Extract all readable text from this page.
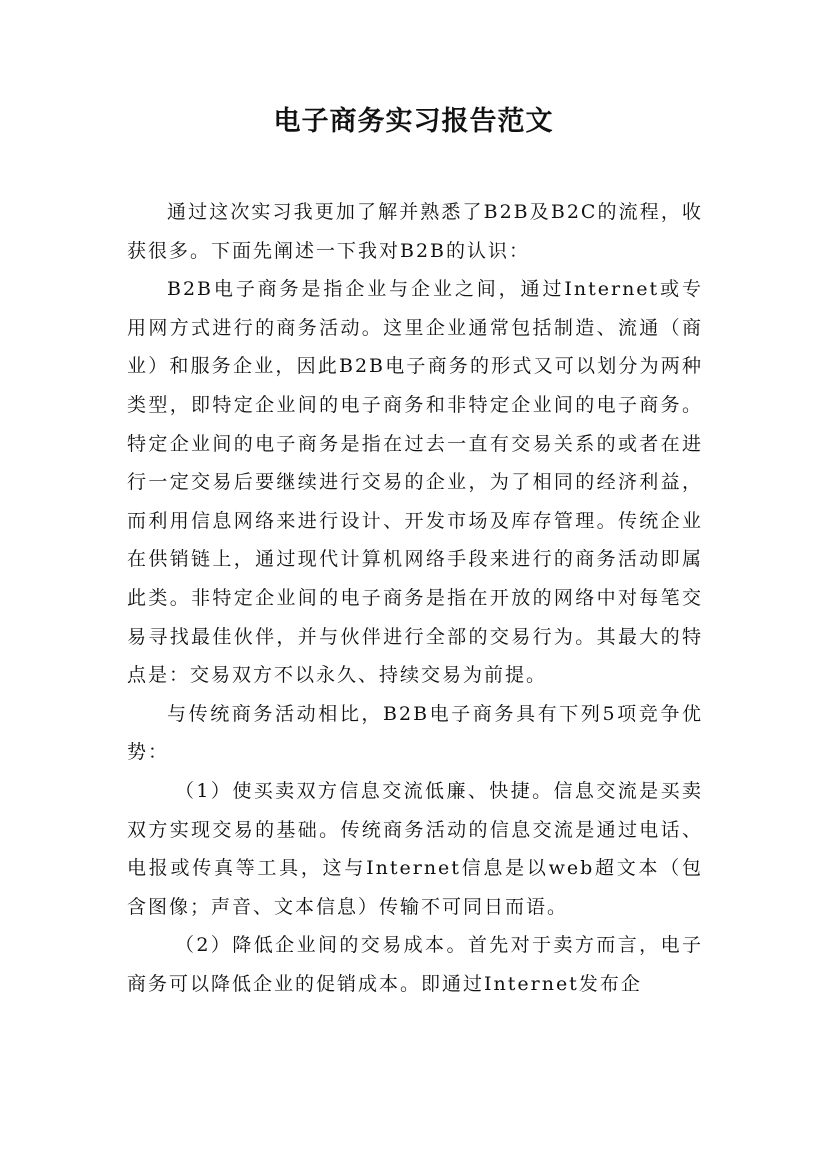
电子商务实习报告范文

通过这次实习我更加了解并熟悉了B2B及B2C的流程，收获很多。下面先阐述一下我对B2B的认识：

B2B电子商务是指企业与企业之间，通过Internet或专用网方式进行的商务活动。这里企业通常包括制造、流通（商业）和服务企业，因此B2B电子商务的形式又可以划分为两种类型，即特定企业间的电子商务和非特定企业间的电子商务。特定企业间的电子商务是指在过去一直有交易关系的或者在进行一定交易后要继续进行交易的企业，为了相同的经济利益，而利用信息网络来进行设计、开发市场及库存管理。传统企业在供销链上，通过现代计算机网络手段来进行的商务活动即属此类。非特定企业间的电子商务是指在开放的网络中对每笔交易寻找最佳伙伴，并与伙伴进行全部的交易行为。其最大的特点是：交易双方不以永久、持续交易为前提。

与传统商务活动相比，B2B电子商务具有下列5项竞争优势：

（1）使买卖双方信息交流低廉、快捷。信息交流是买卖双方实现交易的基础。传统商务活动的信息交流是通过电话、电报或传真等工具，这与Internet信息是以web超文本（包含图像；声音、文本信息）传输不可同日而语。

（2）降低企业间的交易成本。首先对于卖方而言，电子商务可以降低企业的促销成本。即通过Internet发布企
